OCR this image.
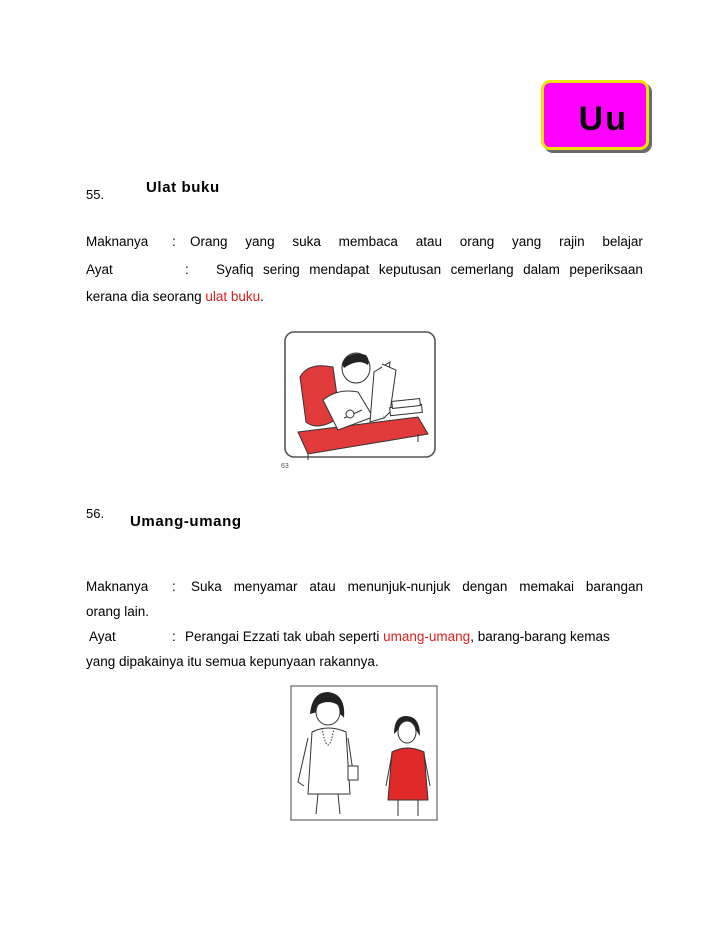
Uu
55.	Ulat buku
Maknanya : Orang yang suka membaca atau orang yang rajin belajar
Ayat	: Syafiq sering mendapat keputusan cemerlang dalam peperiksaan
kerana dia seorang ulat buku.
63
56. Umang-umang
Maknanya : Suka menyamar atau menunjuk-nunjuk dengan memakai barangan
orang lain.
Ayat	: Perangai Ezzati tak ubah seperti umang-umang, barang-barang kemas
yang dipakainya itu semua kepunyaan rakannya.
